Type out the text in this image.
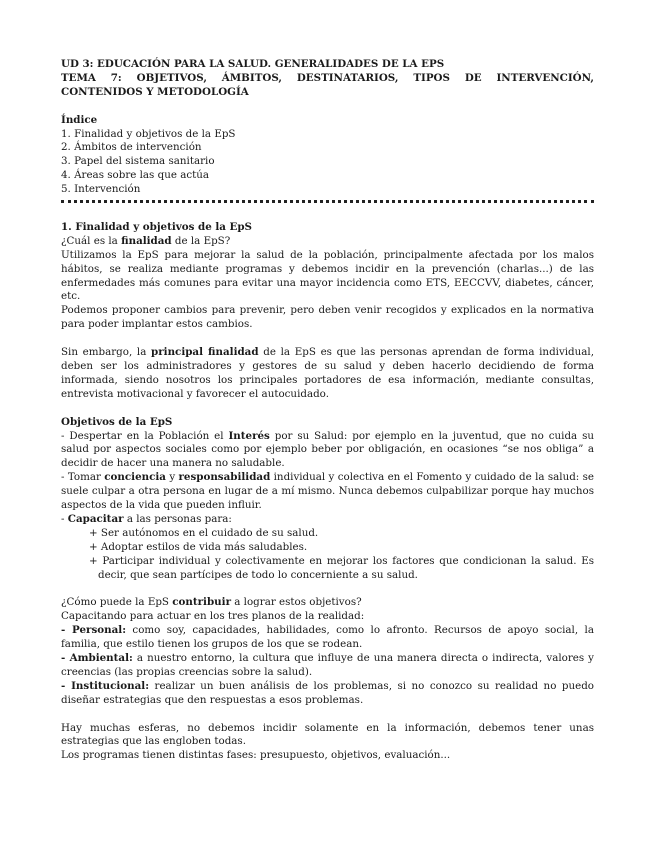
UD 3: EDUCACIÓN PARA LA SALUD. GENERALIDADES DE LA EPS

TEMA 7: OBJETIVOS, ÁMBITOS, DESTINATARIOS, TIPOS DE INTERVENCIÓN, CONTENIDOS Y METODOLOGÍA

Índice

1. Finalidad y objetivos de la EpS

2. Ámbitos de intervención

3. Papel del sistema sanitario

4. Áreas sobre las que actúa

5. Intervención

1. Finalidad y objetivos de la EpS

¿Cuál es la finalidad de la EpS?

Utilizamos la EpS para mejorar la salud de la población, principalmente afectada por los malos hábitos, se realiza mediante programas y debemos incidir en la prevención (charlas...) de las enfermedades más comunes para evitar una mayor incidencia como ETS, EECCVV, diabetes, cáncer, etc.

Podemos proponer cambios para prevenir, pero deben venir recogidos y explicados en la normativa para poder implantar estos cambios.

Sin embargo, la principal finalidad de la EpS es que las personas aprendan de forma individual, deben ser los administradores y gestores de su salud y deben hacerlo decidiendo de forma informada, siendo nosotros los principales portadores de esa información, mediante consultas, entrevista motivacional y favorecer el autocuidado.

Objetivos de la EpS

- Despertar en la Población el Interés por su Salud: por ejemplo en la juventud, que no cuida su salud por aspectos sociales como por ejemplo beber por obligación, en ocasiones “se nos obliga” a decidir de hacer una manera no saludable.

- Tomar conciencia y responsabilidad individual y colectiva en el Fomento y cuidado de la salud: se suele culpar a otra persona en lugar de a mí mismo. Nunca debemos culpabilizar porque hay muchos aspectos de la vida que pueden influir.

- Capacitar a las personas para:

+ Ser autónomos en el cuidado de su salud.

+ Adoptar estilos de vida más saludables.

+ Participar individual y colectivamente en mejorar los factores que condicionan la salud. Es decir, que sean partícipes de todo lo concerniente a su salud.

¿Cómo puede la EpS contribuir a lograr estos objetivos?

Capacitando para actuar en los tres planos de la realidad:

- Personal: como soy, capacidades, habilidades, como lo afronto. Recursos de apoyo social, la familia, que estilo tienen los grupos de los que se rodean.

- Ambiental: a nuestro entorno, la cultura que influye de una manera directa o indirecta, valores y creencias (las propias creencias sobre la salud).

- Institucional: realizar un buen análisis de los problemas, si no conozco su realidad no puedo diseñar estrategias que den respuestas a esos problemas.

Hay muchas esferas, no debemos incidir solamente en la información, debemos tener unas estrategias que las engloben todas.

Los programas tienen distintas fases: presupuesto, objetivos, evaluación...
